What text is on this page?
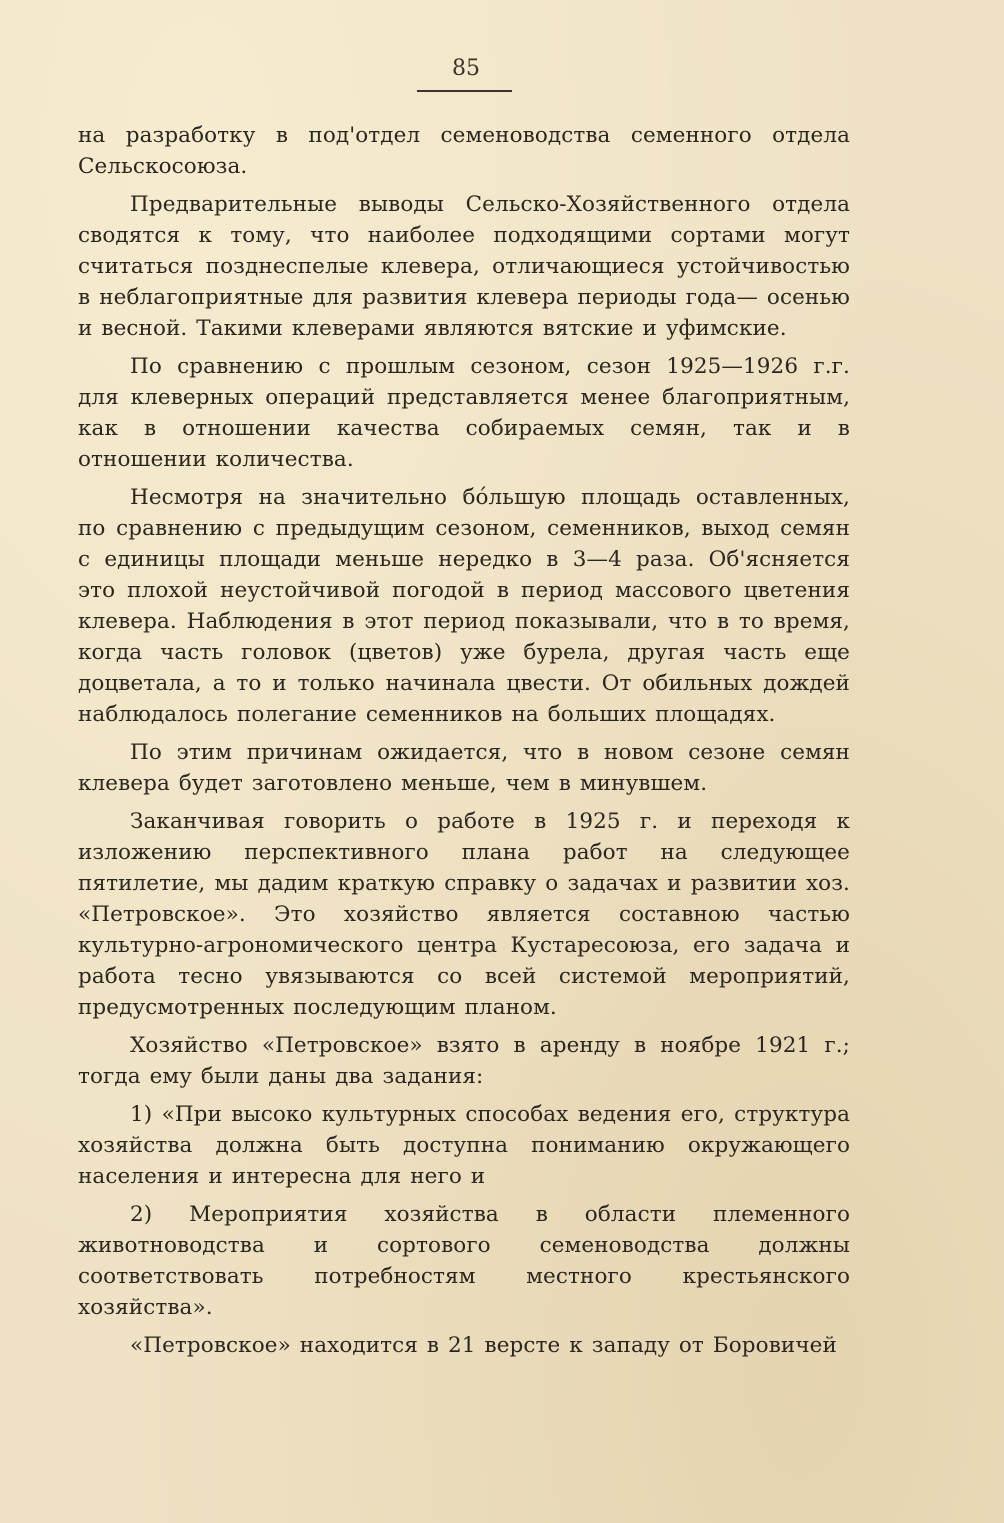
85

на разработку в под'отдел семеноводства семенного отдела Сельскосоюза.

Предварительные выводы Сельско-Хозяйственного отдела сводятся к тому, что наиболее подходящими сортами могут считаться позднеспелые клевера, отличающиеся устойчивостью в неблагоприятные для развития клевера периоды года— осенью и весной. Такими клеверами являются вятские и уфимские.

По сравнению с прошлым сезоном, сезон 1925—1926 г.г. для клеверных операций представляется менее благоприятным, как в отношении качества собираемых семян, так и в отношении количества.

Несмотря на значительно бо́льшую площадь оставленных, по сравнению с предыдущим сезоном, семенников, выход семян с единицы площади меньше нередко в 3—4 раза. Об'ясняется это плохой неустойчивой погодой в период массового цветения клевера. Наблюдения в этот период показывали, что в то время, когда часть головок (цветов) уже бурела, другая часть еще доцветала, а то и только начинала цвести. От обильных дождей наблюдалось полегание семенников на больших площадях.

По этим причинам ожидается, что в новом сезоне семян клевера будет заготовлено меньше, чем в минувшем.

Заканчивая говорить о работе в 1925 г. и переходя к изложению перспективного плана работ на следующее пятилетие, мы дадим краткую справку о задачах и развитии хоз. «Петровское». Это хозяйство является составною частью культурно-агрономического центра Кустаресоюза, его задача и работа тесно увязываются со всей системой мероприятий, предусмотренных последующим планом.

Хозяйство «Петровское» взято в аренду в ноябре 1921 г.; тогда ему были даны два задания:

1) «При высоко культурных способах ведения его, структура хозяйства должна быть доступна пониманию окружающего населения и интересна для него и

2) Мероприятия хозяйства в области племенного животноводства и сортового семеноводства должны соответствовать потребностям местного крестьянского хозяйства».

«Петровское» находится в 21 версте к западу от Боровичей
